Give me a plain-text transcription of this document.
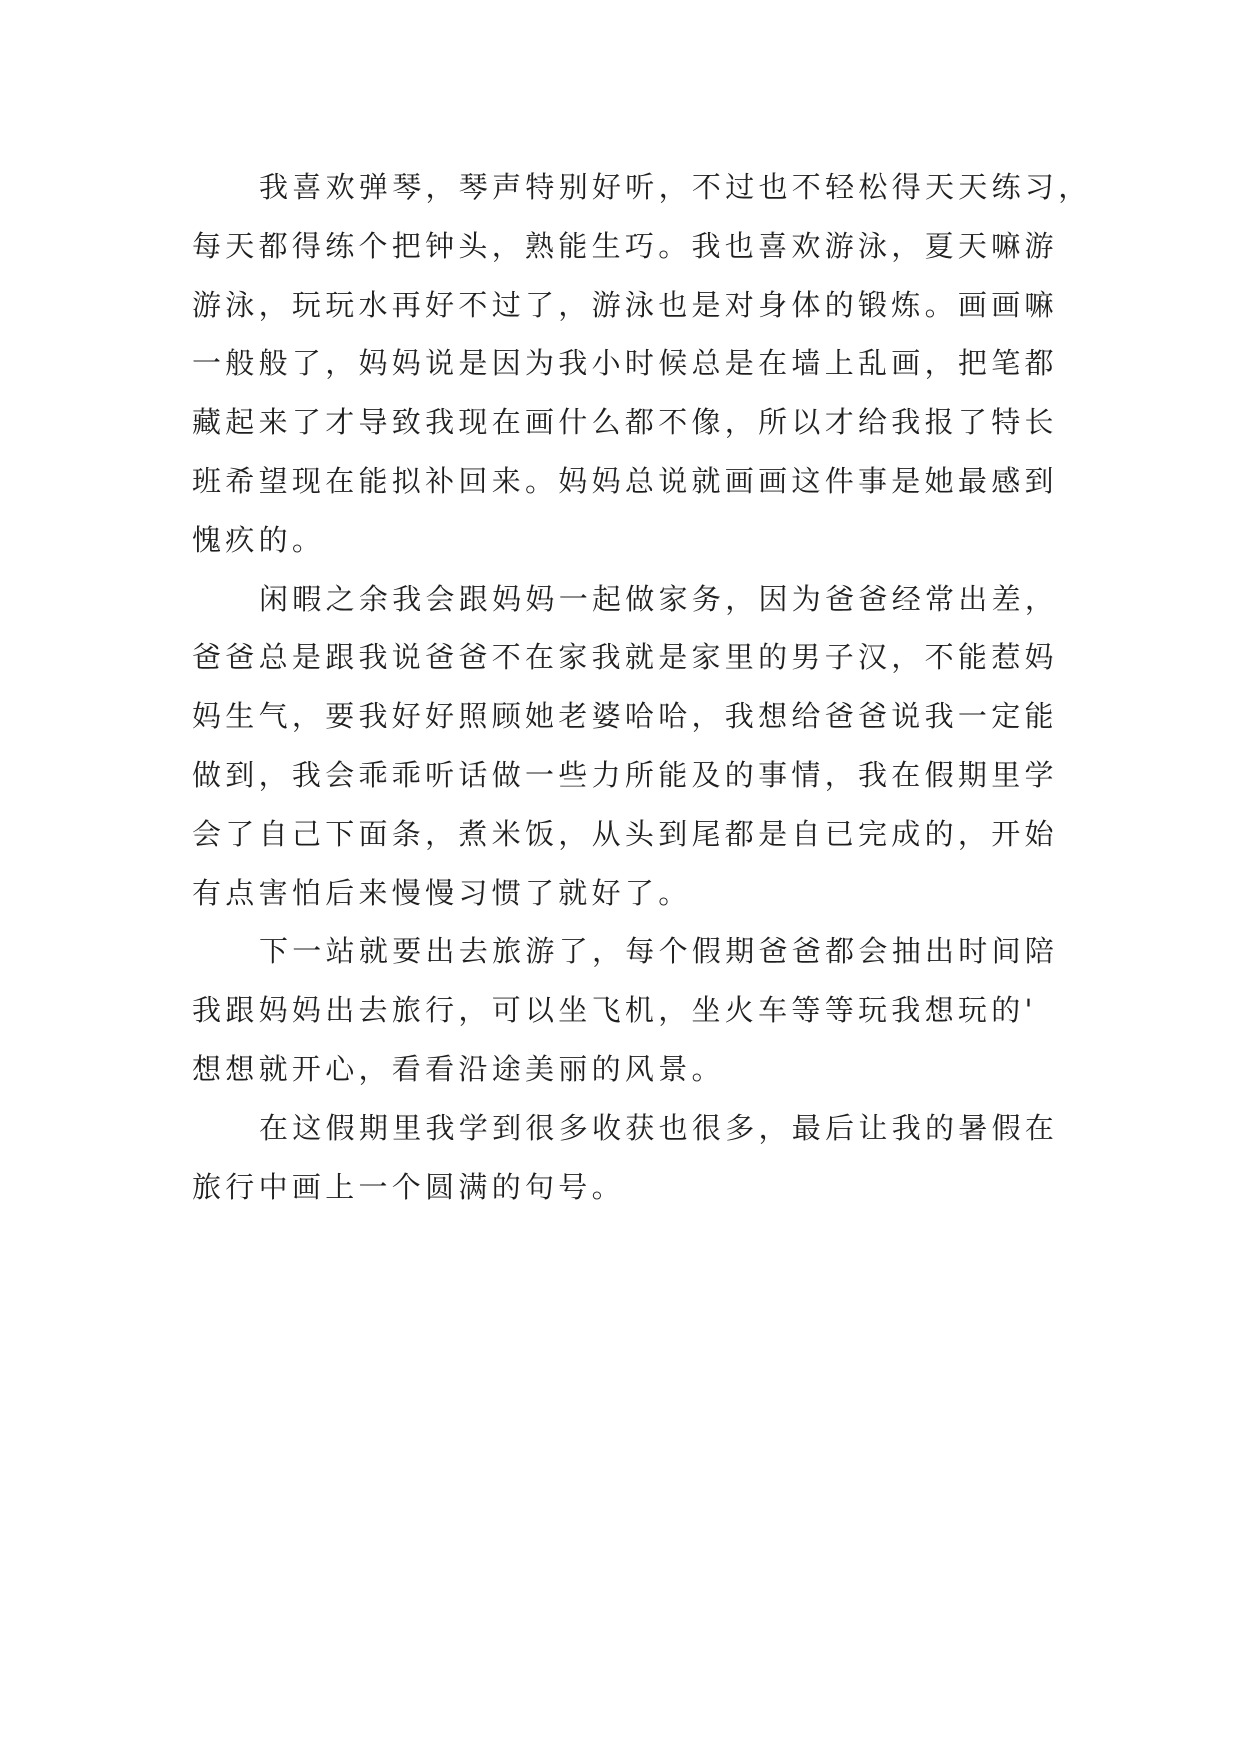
我喜欢弹琴，琴声特别好听，不过也不轻松得天天练习，
每天都得练个把钟头，熟能生巧。我也喜欢游泳，夏天嘛游
游泳，玩玩水再好不过了，游泳也是对身体的锻炼。画画嘛
一般般了，妈妈说是因为我小时候总是在墙上乱画，把笔都
藏起来了才导致我现在画什么都不像，所以才给我报了特长
班希望现在能拟补回来。妈妈总说就画画这件事是她最感到
愧疚的。
闲暇之余我会跟妈妈一起做家务，因为爸爸经常出差，
爸爸总是跟我说爸爸不在家我就是家里的男子汉，不能惹妈
妈生气，要我好好照顾她老婆哈哈，我想给爸爸说我一定能
做到，我会乖乖听话做一些力所能及的事情，我在假期里学
会了自己下面条，煮米饭，从头到尾都是自已完成的，开始
有点害怕后来慢慢习惯了就好了。
下一站就要出去旅游了，每个假期爸爸都会抽出时间陪
我跟妈妈出去旅行，可以坐飞机，坐火车等等玩我想玩的'
想想就开心，看看沿途美丽的风景。
在这假期里我学到很多收获也很多，最后让我的暑假在
旅行中画上一个圆满的句号。
